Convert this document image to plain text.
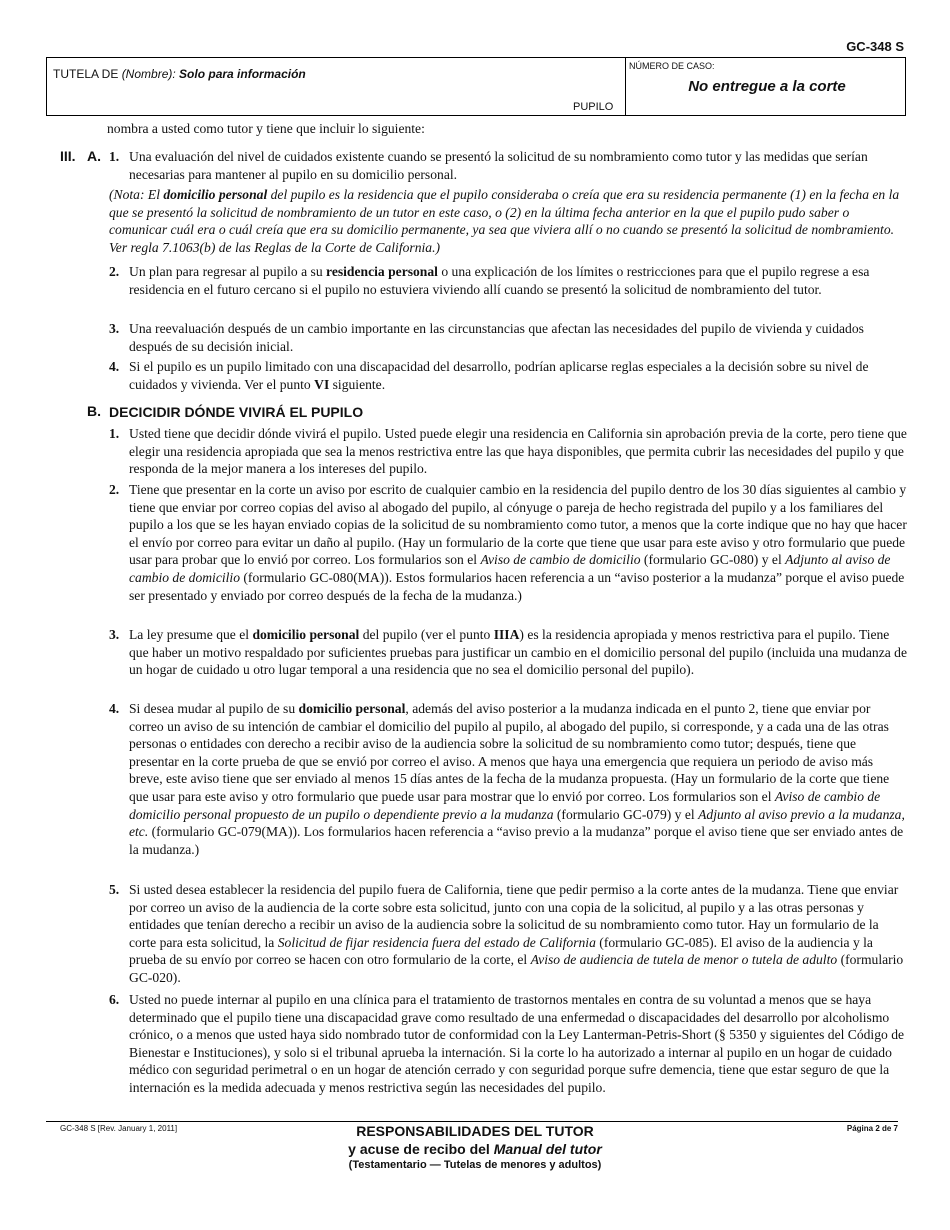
GC-348 S
TUTELA DE (Nombre): Solo para información
PUPILO
NÚMERO DE CASO:
No entregue a la corte
nombra a usted como tutor y tiene que incluir lo siguiente:
III. A. 1. Una evaluación del nivel de cuidados existente cuando se presentó la solicitud de su nombramiento como tutor y las medidas que serían necesarias para mantener al pupilo en su domicilio personal.

(Nota: El domicilio personal del pupilo es la residencia que el pupilo consideraba o creía que era su residencia permanente (1) en la fecha en la que se presentó la solicitud de nombramiento de un tutor en este caso, o (2) en la última fecha anterior en la que el pupilo pudo saber o comunicar cuál era o cuál creía que era su domicilio permanente, ya sea que viviera allí o no cuando se presentó la solicitud de nombramiento. Ver regla 7.1063(b) de las Reglas de la Corte de California.)

2. Un plan para regresar al pupilo a su residencia personal o una explicación de los límites o restricciones para que el pupilo regrese a esa residencia en el futuro cercano si el pupilo no estuviera viviendo allí cuando se presentó la solicitud de nombramiento del tutor.

3. Una reevaluación después de un cambio importante en las circunstancias que afectan las necesidades del pupilo de vivienda y cuidados después de su decisión inicial.

4. Si el pupilo es un pupilo limitado con una discapacidad del desarrollo, podrían aplicarse reglas especiales a la decisión sobre su nivel de cuidados y vivienda. Ver el punto VI siguiente.

B. DECICIDIR DÓNDE VIVIRÁ EL PUPILO
1. Usted tiene que decidir dónde vivirá el pupilo. Usted puede elegir una residencia en California sin aprobación previa de la corte, pero tiene que elegir una residencia apropiada que sea la menos restrictiva entre las que haya disponibles, que permita cubrir las necesidades del pupilo y que responda de la mejor manera a los intereses del pupilo.

2. Tiene que presentar en la corte un aviso por escrito de cualquier cambio en la residencia del pupilo dentro de los 30 días siguientes al cambio y tiene que enviar por correo copias del aviso al abogado del pupilo, al cónyuge o pareja de hecho registrada del pupilo y a los familiares del pupilo a los que se les hayan enviado copias de la solicitud de su nombramiento como tutor, a menos que la corte indique que no hay que hacer el envío por correo para evitar un daño al pupilo. (Hay un formulario de la corte que tiene que usar para este aviso y otro formulario que puede usar para probar que lo envió por correo. Los formularios son el Aviso de cambio de domicilio (formulario GC-080) y el Adjunto al aviso de cambio de domicilio (formulario GC-080(MA)). Estos formularios hacen referencia a un “aviso posterior a la mudanza” porque el aviso puede ser presentado y enviado por correo después de la fecha de la mudanza.)

3. La ley presume que el domicilio personal del pupilo (ver el punto IIIA) es la residencia apropiada y menos restrictiva para el pupilo. Tiene que haber un motivo respaldado por suficientes pruebas para justificar un cambio en el domicilio personal del pupilo (incluida una mudanza de un hogar de cuidado u otro lugar temporal a una residencia que no sea el domicilio personal del pupilo).

4. Si desea mudar al pupilo de su domicilio personal, además del aviso posterior a la mudanza indicada en el punto 2, tiene que enviar por correo un aviso de su intención de cambiar el domicilio del pupilo al pupilo, al abogado del pupilo, si corresponde, y a cada una de las otras personas o entidades con derecho a recibir aviso de la audiencia sobre la solicitud de su nombramiento como tutor; después, tiene que presentar en la corte prueba de que se envió por correo el aviso. A menos que haya una emergencia que requiera un periodo de aviso más breve, este aviso tiene que ser enviado al menos 15 días antes de la fecha de la mudanza propuesta. (Hay un formulario de la corte que tiene que usar para este aviso y otro formulario que puede usar para mostrar que lo envió por correo. Los formularios son el Aviso de cambio de domicilio personal propuesto de un pupilo o dependiente previo a la mudanza (formulario GC-079) y el Adjunto al aviso previo a la mudanza, etc. (formulario GC-079(MA)). Los formularios hacen referencia a “aviso previo a la mudanza” porque el aviso tiene que ser enviado antes de la mudanza.)

5. Si usted desea establecer la residencia del pupilo fuera de California, tiene que pedir permiso a la corte antes de la mudanza. Tiene que enviar por correo un aviso de la audiencia de la corte sobre esta solicitud, junto con una copia de la solicitud, al pupilo y a las otras personas y entidades que tenían derecho a recibir un aviso de la audiencia sobre la solicitud de su nombramiento como tutor. Hay un formulario de la corte para esta solicitud, la Solicitud de fijar residencia fuera del estado de California (formulario GC-085). El aviso de la audiencia y la prueba de su envío por correo se hacen con otro formulario de la corte, el Aviso de audiencia de tutela de menor o tutela de adulto (formulario GC-020).

6. Usted no puede internar al pupilo en una clínica para el tratamiento de trastornos mentales en contra de su voluntad a menos que se haya determinado que el pupilo tiene una discapacidad grave como resultado de una enfermedad o discapacidades del desarrollo por alcoholismo crónico, o a menos que usted haya sido nombrado tutor de conformidad con la Ley Lanterman-Petris-Short (§ 5350 y siguientes del Código de Bienestar e Instituciones), y solo si el tribunal aprueba la internación. Si la corte lo ha autorizado a internar al pupilo en un hogar de cuidado médico con seguridad perimetral o en un hogar de atención cerrado y con seguridad porque sufre demencia, tiene que estar seguro de que la internación es la medida adecuada y menos restrictiva según las necesidades del pupilo.

GC-348 S [Rev. January 1, 2011]	Página 2 de 7
RESPONSABILIDADES DEL TUTOR
y acuse de recibo del Manual del tutor
(Testamentario — Tutelas de menores y adultos)
